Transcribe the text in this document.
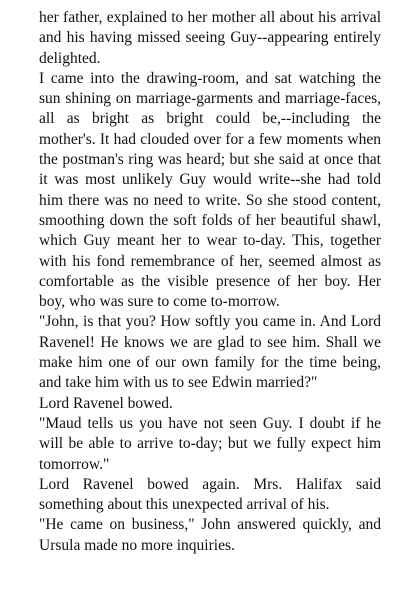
her father, explained to her mother all about his arrival and his having missed seeing Guy--appearing entirely delighted.

I came into the drawing-room, and sat watching the sun shining on marriage-garments and marriage-faces, all as bright as bright could be,--including the mother's. It had clouded over for a few moments when the postman's ring was heard; but she said at once that it was most unlikely Guy would write--she had told him there was no need to write. So she stood content, smoothing down the soft folds of her beautiful shawl, which Guy meant her to wear to-day. This, together with his fond remembrance of her, seemed almost as comfortable as the visible presence of her boy. Her boy, who was sure to come to-morrow.

"John, is that you? How softly you came in. And Lord Ravenel! He knows we are glad to see him. Shall we make him one of our own family for the time being, and take him with us to see Edwin married?"

Lord Ravenel bowed.

"Maud tells us you have not seen Guy. I doubt if he will be able to arrive to-day; but we fully expect him tomorrow."

Lord Ravenel bowed again. Mrs. Halifax said something about this unexpected arrival of his.

"He came on business," John answered quickly, and Ursula made no more inquiries.
